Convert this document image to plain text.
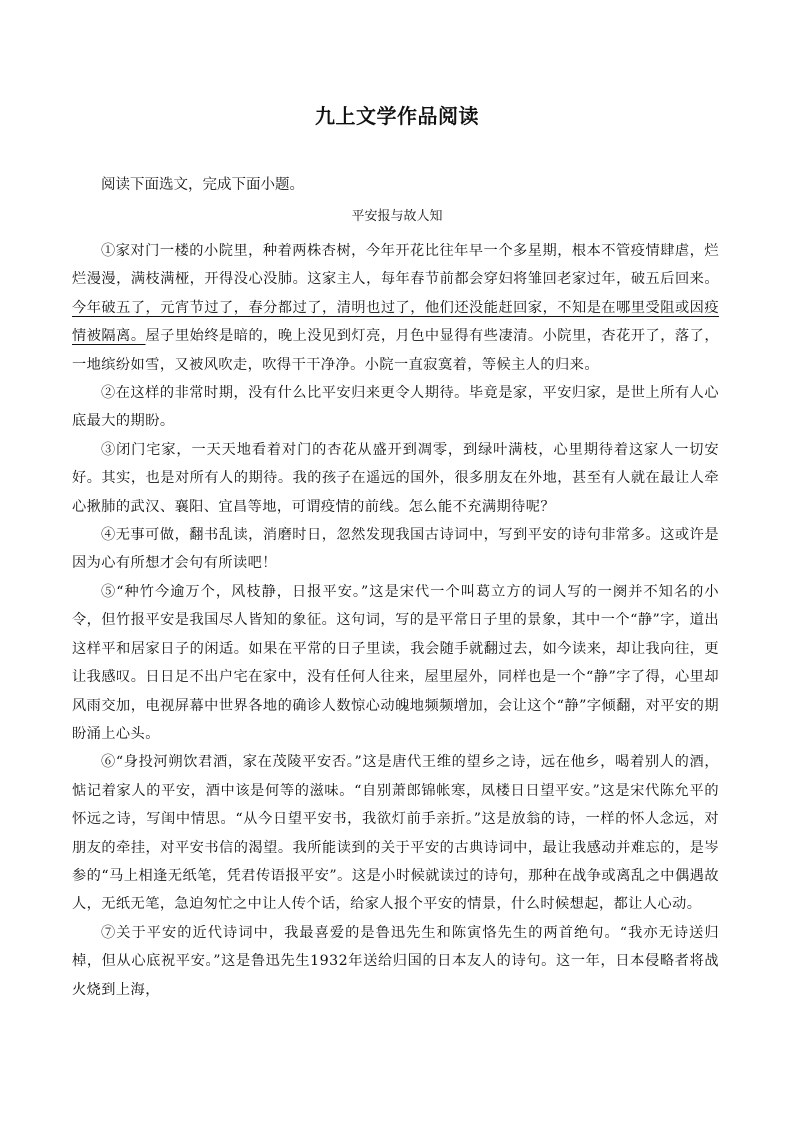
九上文学作品阅读
阅读下面选文，完成下面小题。
平安报与故人知

①家对门一楼的小院里，种着两株杏树，今年开花比往年早一个多星期，根本不管疫情肆虐，烂烂漫漫，满枝满桠，开得没心没肺。这家主人，每年春节前都会穿妇将雏回老家过年，破五后回来。今年破五了，元宵节过了，春分都过了，清明也过了，他们还没能赶回家，不知是在哪里受阻或因疫情被隔离。屋子里始终是暗的，晚上没见到灯亮，月色中显得有些凄清。小院里，杏花开了，落了，一地缤纷如雪，又被风吹走，吹得干干净净。小院一直寂寞着，等候主人的归来。

②在这样的非常时期，没有什么比平安归来更令人期待。毕竟是家，平安归家，是世上所有人心底最大的期盼。

③闭门宅家，一天天地看着对门的杏花从盛开到凋零，到绿叶满枝，心里期待着这家人一切安好。其实，也是对所有人的期待。我的孩子在遥远的国外，很多朋友在外地，甚至有人就在最让人牵心揪肺的武汉、襄阳、宜昌等地，可谓疫情的前线。怎么能不充满期待呢？

④无事可做，翻书乱读，消磨时日，忽然发现我国古诗词中，写到平安的诗句非常多。这或许是因为心有所想才会句有所读吧！

⑤“种竹今逾万个，风枝静，日报平安。”这是宋代一个叫葛立方的词人写的一阕并不知名的小令，但竹报平安是我国尽人皆知的象征。这句词，写的是平常日子里的景象，其中一个“静”字，道出这样平和居家日子的闲适。如果在平常的日子里读，我会随手就翻过去，如今读来，却让我向往，更让我感叹。日日足不出户宅在家中，没有任何人往来，屋里屋外，同样也是一个“静”字了得，心里却风雨交加，电视屏幕中世界各地的确诊人数惊心动魄地频频增加，会让这个“静”字倾翻，对平安的期盼涌上心头。

⑥“身投河朔饮君酒，家在茂陵平安否。”这是唐代王维的望乡之诗，远在他乡，喝着别人的酒，惦记着家人的平安，酒中该是何等的滋味。“自别萧郎锦帐寒，凤楼日日望平安。”这是宋代陈允平的怀远之诗，写闺中情思。“从今日望平安书，我欲灯前手亲折。”这是放翁的诗，一样的怀人念远，对朋友的牵挂，对平安书信的渴望。我所能读到的关于平安的古典诗词中，最让我感动并难忘的，是岑参的“马上相逢无纸笔，凭君传语报平安”。这是小时候就读过的诗句，那种在战争或离乱之中偶遇故人，无纸无笔，急迫匆忙之中让人传个话，给家人报个平安的情景，什么时候想起，都让人心动。

⑦关于平安的近代诗词中，我最喜爱的是鲁迅先生和陈寅恪先生的两首绝句。“我亦无诗送归棹，但从心底祝平安。”这是鲁迅先生1932年送给归国的日本友人的诗句。这一年，日本侵略者将战火烧到上海，
